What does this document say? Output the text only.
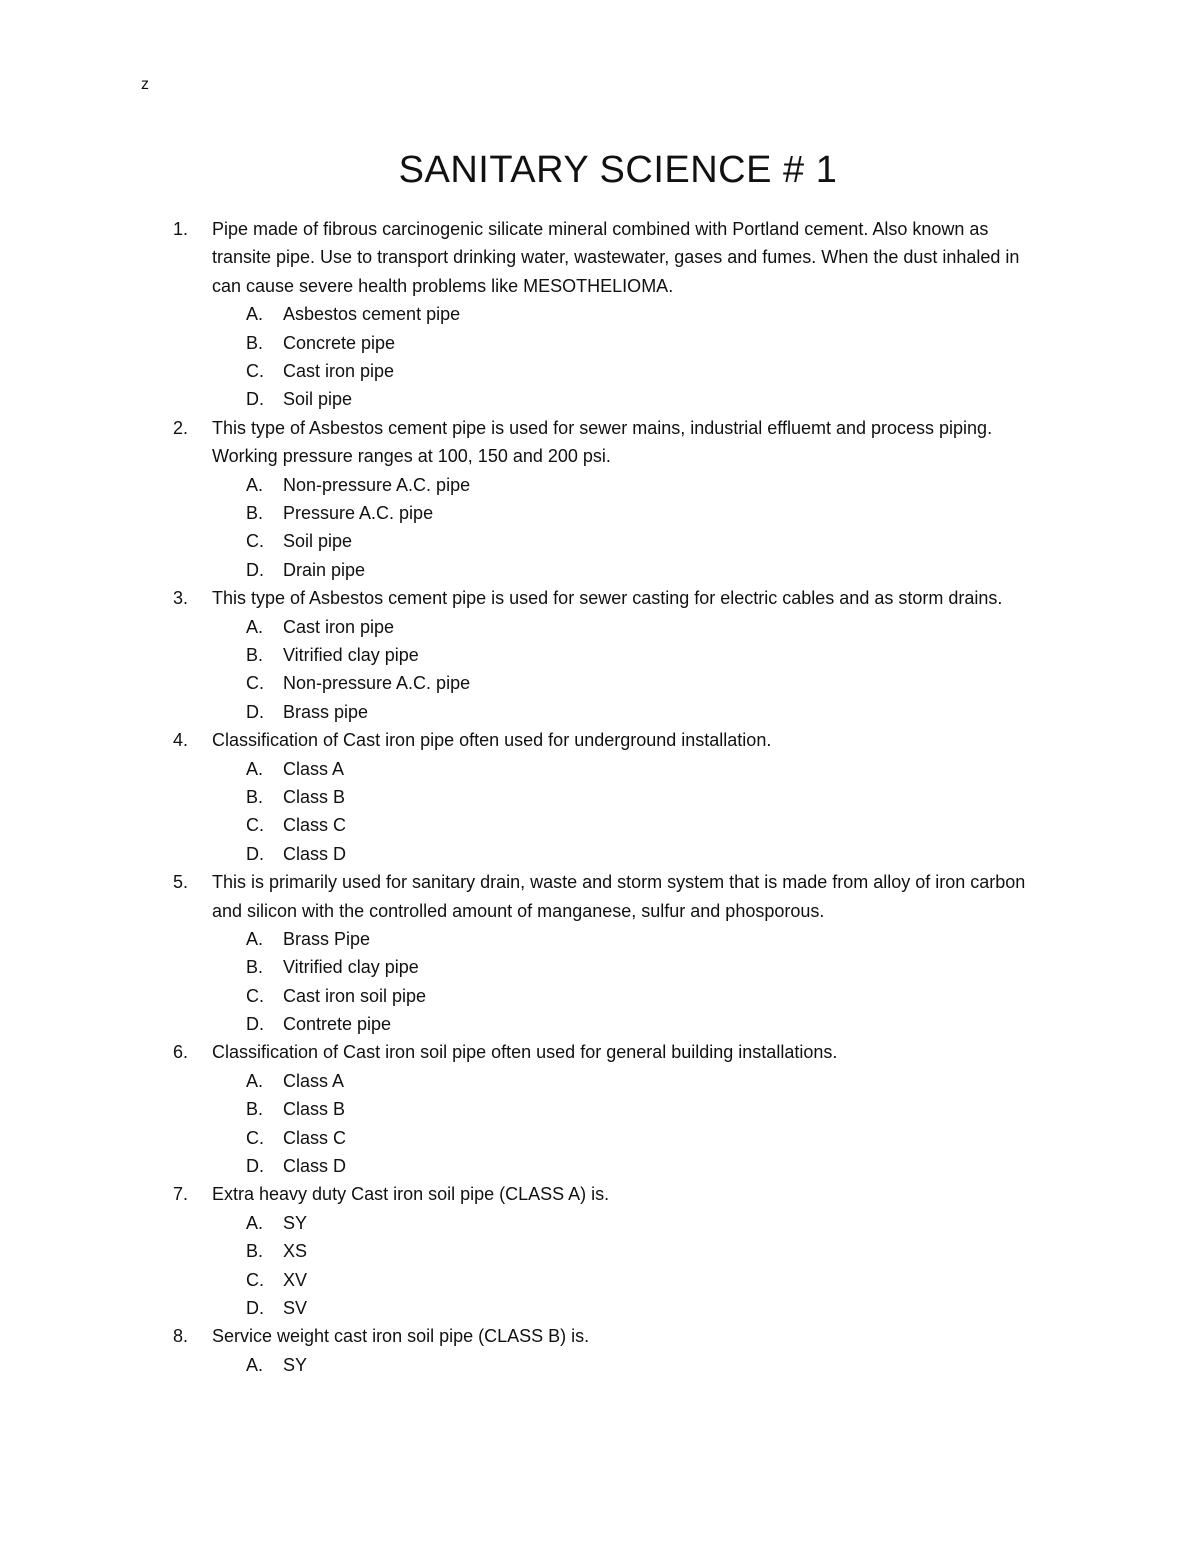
z
SANITARY SCIENCE # 1
1.	Pipe made of fibrous carcinogenic silicate mineral combined with Portland cement. Also known as transite pipe. Use to transport drinking water, wastewater, gases and fumes. When the dust inhaled in can cause severe health problems like MESOTHELIOMA.
A.	Asbestos cement pipe
B.	Concrete pipe
C.	Cast iron pipe
D.	Soil pipe
2.	This type of Asbestos cement pipe is used for sewer mains, industrial effluemt and process piping. Working pressure ranges at 100, 150 and 200 psi.
A.	Non-pressure A.C. pipe
B.	Pressure A.C. pipe
C.	Soil pipe
D.	Drain pipe
3.	This type of Asbestos cement pipe is used for sewer casting for electric cables and as storm drains.
A.	Cast iron pipe
B.	Vitrified clay pipe
C.	Non-pressure A.C. pipe
D.	Brass pipe
4.	Classification of Cast iron pipe often used for underground installation.
A.	Class A
B.	Class B
C.	Class C
D.	Class D
5.	This is primarily used for sanitary drain, waste and storm system that is made from alloy of iron carbon and silicon with the controlled amount of manganese, sulfur and phosporous.
A.	Brass Pipe
B.	Vitrified clay pipe
C.	Cast iron soil pipe
D.	Contrete pipe
6.	Classification of Cast iron soil pipe often used for general building installations.
A.	Class A
B.	Class B
C.	Class C
D.	Class D
7.	Extra heavy duty Cast iron soil pipe (CLASS A) is.
A.	SY
B.	XS
C.	XV
D.	SV
8.	Service weight cast iron soil pipe (CLASS B) is.
A.	SY
